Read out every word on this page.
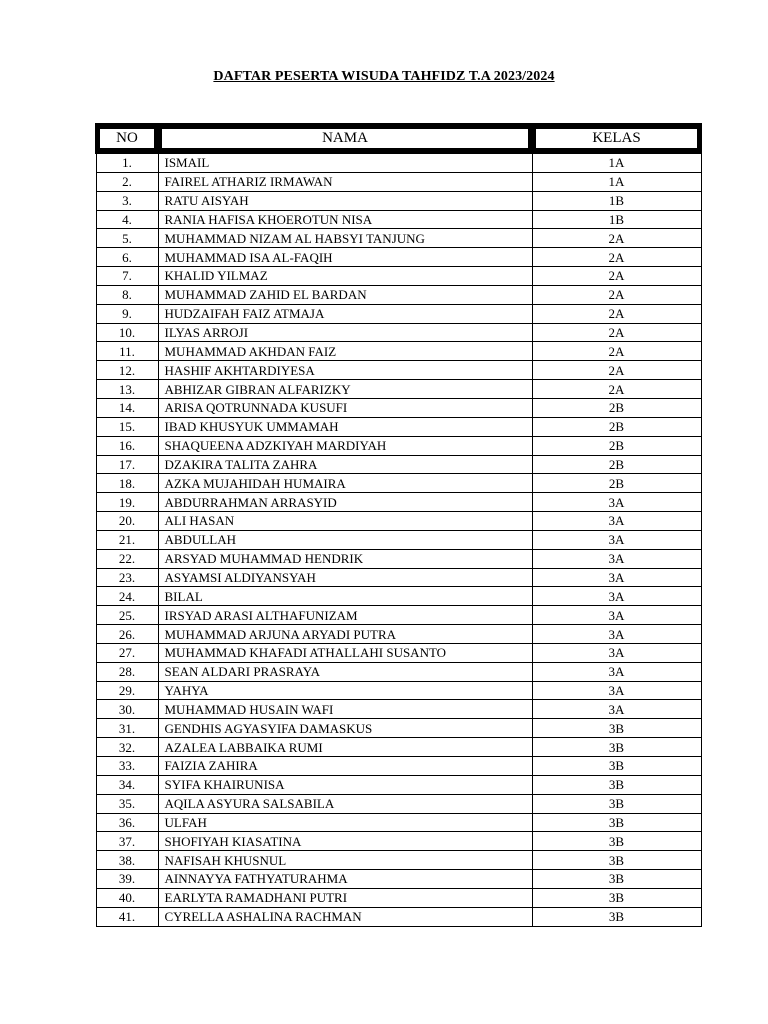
DAFTAR PESERTA WISUDA TAHFIDZ T.A 2023/2024
NO	NAMA	KELAS

1.	ISMAIL	1A
2.	FAIREL ATHARIZ IRMAWAN	1A
3.	RATU AISYAH	1B
4.	RANIA HAFISA KHOEROTUN NISA	1B
5.	MUHAMMAD NIZAM AL HABSYI TANJUNG	2A
6.	MUHAMMAD ISA AL-FAQIH	2A
7.	KHALID YILMAZ	2A
8.	MUHAMMAD ZAHID EL BARDAN	2A
9.	HUDZAIFAH FAIZ ATMAJA	2A
10.	ILYAS ARROJI	2A
11.	MUHAMMAD AKHDAN FAIZ	2A
12.	HASHIF AKHTARDIYESA	2A
13.	ABHIZAR GIBRAN ALFARIZKY	2A
14.	ARISA QOTRUNNADA KUSUFI	2B
15.	IBAD KHUSYUK UMMAMAH	2B
16.	SHAQUEENA ADZKIYAH MARDIYAH	2B
17.	DZAKIRA TALITA ZAHRA	2B
18.	AZKA MUJAHIDAH HUMAIRA	2B
19.	ABDURRAHMAN ARRASYID	3A
20.	ALI HASAN	3A
21.	ABDULLAH	3A
22.	ARSYAD MUHAMMAD HENDRIK	3A
23.	ASYAMSI ALDIYANSYAH	3A
24.	BILAL	3A
25.	IRSYAD ARASI ALTHAFUNIZAM	3A
26.	MUHAMMAD ARJUNA ARYADI PUTRA	3A
27.	MUHAMMAD KHAFADI ATHALLAHI SUSANTO	3A
28.	SEAN ALDARI PRASRAYA	3A
29.	YAHYA	3A
30.	MUHAMMAD HUSAIN WAFI	3A
31.	GENDHIS AGYASYIFA DAMASKUS	3B
32.	AZALEA LABBAIKA RUMI	3B
33.	FAIZIA ZAHIRA	3B
34.	SYIFA KHAIRUNISA	3B
35.	AQILA ASYURA SALSABILA	3B
36.	ULFAH	3B
37.	SHOFIYAH KIASATINA	3B
38.	NAFISAH KHUSNUL	3B
39.	AINNAYYA FATHYATURAHMA	3B
40.	EARLYTA RAMADHANI PUTRI	3B
41.	CYRELLA ASHALINA RACHMAN	3B
